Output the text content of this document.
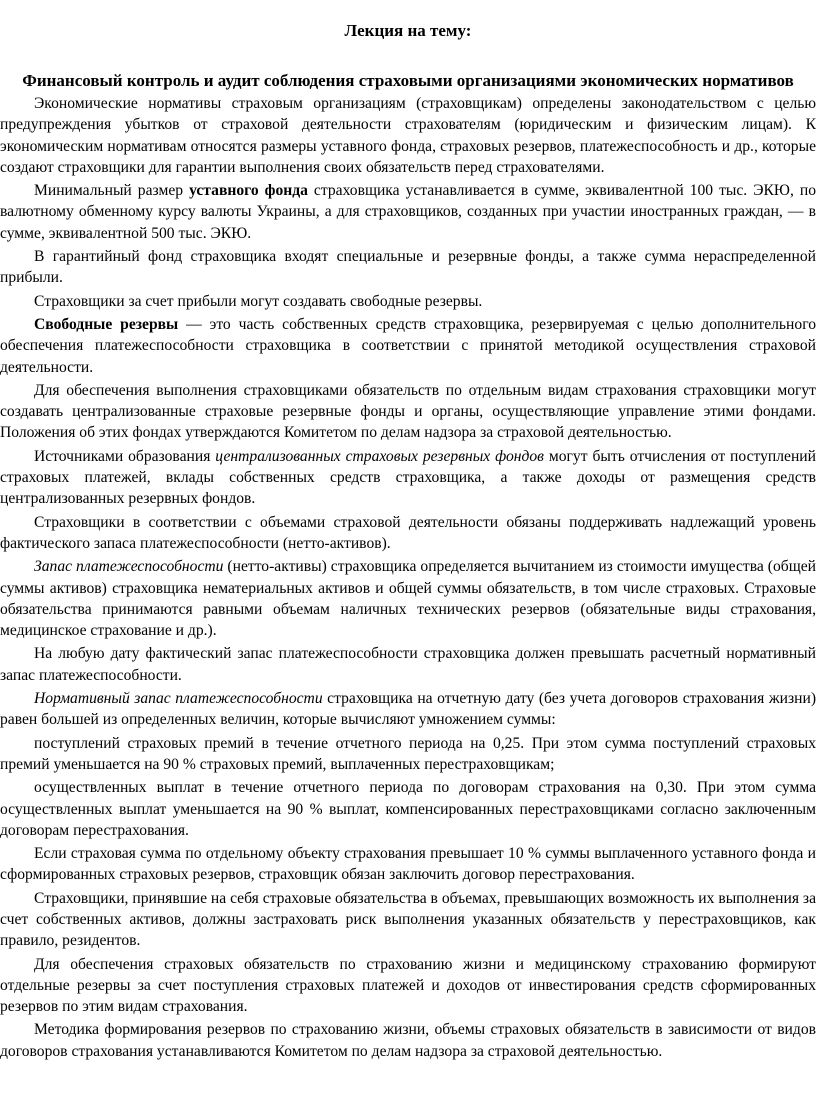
Лекция на тему:
Финансовый контроль и аудит соблюдения страховыми организациями экономических нормативов

Экономические нормативы страховым организациям (страховщикам) определены законодательством с целью предупреждения убытков от страховой деятельности страхователям (юридическим и физическим лицам). К экономическим нормативам относятся размеры уставного фонда, страховых резервов, платежеспособность и др., которые создают страховщики для гарантии выполнения своих обязательств перед страхователями.

Минимальный размер уставного фонда страховщика устанавливается в сумме, эквивалентной 100 тыс. ЭКЮ, по валютному обменному курсу валюты Украины, а для страховщиков, созданных при участии иностранных граждан, — в сумме, эквивалентной 500 тыс. ЭКЮ.

В гарантийный фонд страховщика входят специальные и резервные фонды, а также сумма нераспределенной прибыли.

Страховщики за счет прибыли могут создавать свободные резервы.

Свободные резервы — это часть собственных средств страховщика, резервируемая с целью дополнительного обеспечения платежеспособности страховщика в соответствии с принятой методикой осуществления страховой деятельности.

Для обеспечения выполнения страховщиками обязательств по отдельным видам страхования страховщики могут создавать централизованные страховые резервные фонды и органы, осуществляющие управление этими фондами. Положения об этих фондах утверждаются Комитетом по делам надзора за страховой деятельностью.

Источниками образования централизованных страховых резервных фондов могут быть отчисления от поступлений страховых платежей, вклады собственных средств страховщика, а также доходы от размещения средств централизованных резервных фондов.

Страховщики в соответствии с объемами страховой деятельности обязаны поддерживать надлежащий уровень фактического запаса платежеспособности (нетто-активов).

Запас платежеспособности (нетто-активы) страховщика определяется вычитанием из стоимости имущества (общей суммы активов) страховщика нематериальных активов и общей суммы обязательств, в том числе страховых. Страховые обязательства принимаются равными объемам наличных технических резервов (обязательные виды страхования, медицинское страхование и др.).

На любую дату фактический запас платежеспособности страховщика должен превышать расчетный нормативный запас платежеспособности.

Нормативный запас платежеспособности страховщика на отчетную дату (без учета договоров страхования жизни) равен большей из определенных величин, которые вычисляют умножением суммы:

поступлений страховых премий в течение отчетного периода на 0,25. При этом сумма поступлений страховых премий уменьшается на 90 % страховых премий, выплаченных перестраховщикам;

осуществленных выплат в течение отчетного периода по договорам страхования на 0,30. При этом сумма осуществленных выплат уменьшается на 90 % выплат, компенсированных перестраховщиками согласно заключенным договорам перестрахования.

Если страховая сумма по отдельному объекту страхования превышает 10 % суммы выплаченного уставного фонда и сформированных страховых резервов, страховщик обязан заключить договор перестрахования.

Страховщики, принявшие на себя страховые обязательства в объемах, превышающих возможность их выполнения за счет собственных активов, должны застраховать риск выполнения указанных обязательств у перестраховщиков, как правило, резидентов.

Для обеспечения страховых обязательств по страхованию жизни и медицинскому страхованию формируют отдельные резервы за счет поступления страховых платежей и доходов от инвестирования средств сформированных резервов по этим видам страхования.

Методика формирования резервов по страхованию жизни, объемы страховых обязательств в зависимости от видов договоров страхования устанавливаются Комитетом по делам надзора за страховой деятельностью.
